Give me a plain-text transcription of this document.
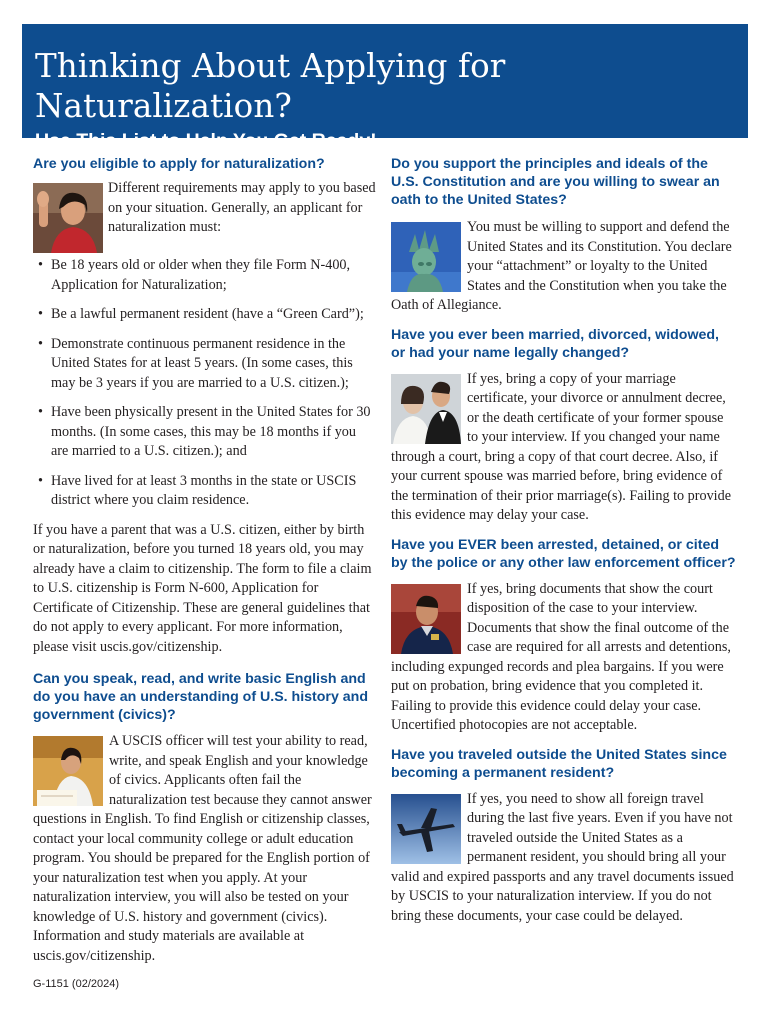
Thinking About Applying for Naturalization?
Use This List to Help You Get Ready!
Are you eligible to apply for naturalization?

Different requirements may apply to you based on your situation. Generally, an applicant for naturalization must:

• Be 18 years old or older when they file Form N-400, Application for Naturalization;
• Be a lawful permanent resident (have a “Green Card”);
• Demonstrate continuous permanent residence in the United States for at least 5 years. (In some cases, this may be 3 years if you are married to a U.S. citizen.);
• Have been physically present in the United States for 30 months. (In some cases, this may be 18 months if you are married to a U.S. citizen.); and
• Have lived for at least 3 months in the state or USCIS district where you claim residence.

If you have a parent that was a U.S. citizen, either by birth or naturalization, before you turned 18 years old, you may already have a claim to citizenship. The form to file a claim to U.S. citizenship is Form N-600, Application for Certificate of Citizenship. These are general guidelines that do not apply to every applicant. For more information, please visit uscis.gov/citizenship.

Can you speak, read, and write basic English and do you have an understanding of U.S. history and government (civics)?

A USCIS officer will test your ability to read, write, and speak English and your knowledge of civics. Applicants often fail the naturalization test because they cannot answer questions in English. To find English or citizenship classes, contact your local community college or adult education program. You should be prepared for the English portion of your naturalization test when you apply. At your naturalization interview, you will also be tested on your knowledge of U.S. history and government (civics). Information and study materials are available at uscis.gov/citizenship.

Do you support the principles and ideals of the U.S. Constitution and are you willing to swear an oath to the United States?

You must be willing to support and defend the United States and its Constitution. You declare your “attachment” or loyalty to the United States and the Constitution when you take the Oath of Allegiance.

Have you ever been married, divorced, widowed, or had your name legally changed?

If yes, bring a copy of your marriage certificate, your divorce or annulment decree, or the death certificate of your former spouse to your interview. If you changed your name through a court, bring a copy of that court decree. Also, if your current spouse was married before, bring evidence of the termination of their prior marriage(s). Failing to provide this evidence may delay your case.

Have you EVER been arrested, detained, or cited by the police or any other law enforcement officer?

If yes, bring documents that show the court disposition of the case to your interview. Documents that show the final outcome of the case are required for all arrests and detentions, including expunged records and plea bargains. If you were put on probation, bring evidence that you completed it. Failing to provide this evidence could delay your case. Uncertified photocopies are not acceptable.

Have you traveled outside the United States since becoming a permanent resident?

If yes, you need to show all foreign travel during the last five years. Even if you have not traveled outside the United States as a permanent resident, you should bring all your valid and expired passports and any travel documents issued by USCIS to your naturalization interview. If you do not bring these documents, your case could be delayed.

G-1151 (02/2024)
